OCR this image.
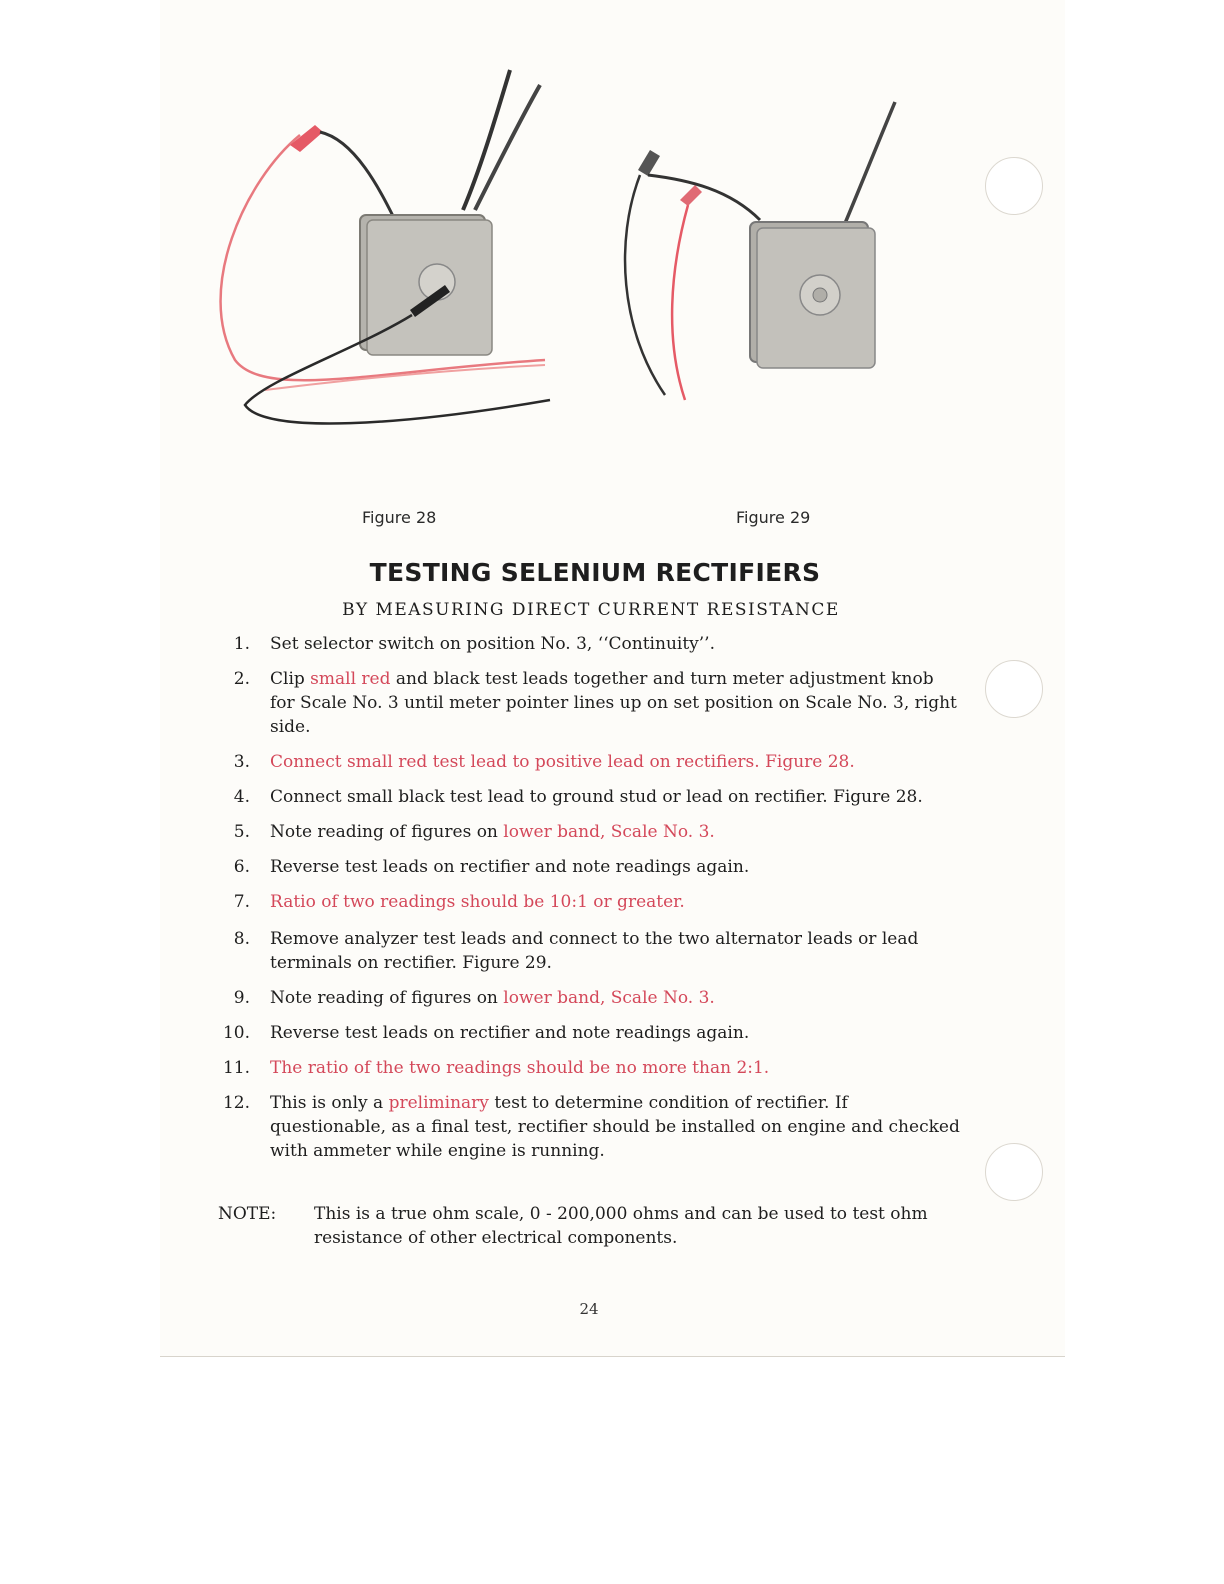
Figure 28	Figure 29
TESTING SELENIUM RECTIFIERS
BY MEASURING DIRECT CURRENT RESISTANCE
1. Set selector switch on position No. 3, ‘‘Continuity’’.
2. Clip small red and black test leads together and turn meter adjustment knob for Scale No. 3 until meter pointer lines up on set position on Scale No. 3, right side.
3. Connect small red test lead to positive lead on rectifiers. Figure 28.
4. Connect small black test lead to ground stud or lead on rectifier. Figure 28.
5. Note reading of figures on lower band, Scale No. 3.
6. Reverse test leads on rectifier and note readings again.
7. Ratio of two readings should be 10:1 or greater.
8. Remove analyzer test leads and connect to the two alternator leads or lead terminals on rectifier. Figure 29.
9. Note reading of figures on lower band, Scale No. 3.
10. Reverse test leads on rectifier and note readings again.
11. The ratio of the two readings should be no more than 2:1.
12. This is only a preliminary test to determine condition of rectifier. If questionable, as a final test, rectifier should be installed on engine and checked with ammeter while engine is running.
NOTE: This is a true ohm scale, 0 - 200,000 ohms and can be used to test ohm resistance of other electrical components.
24
